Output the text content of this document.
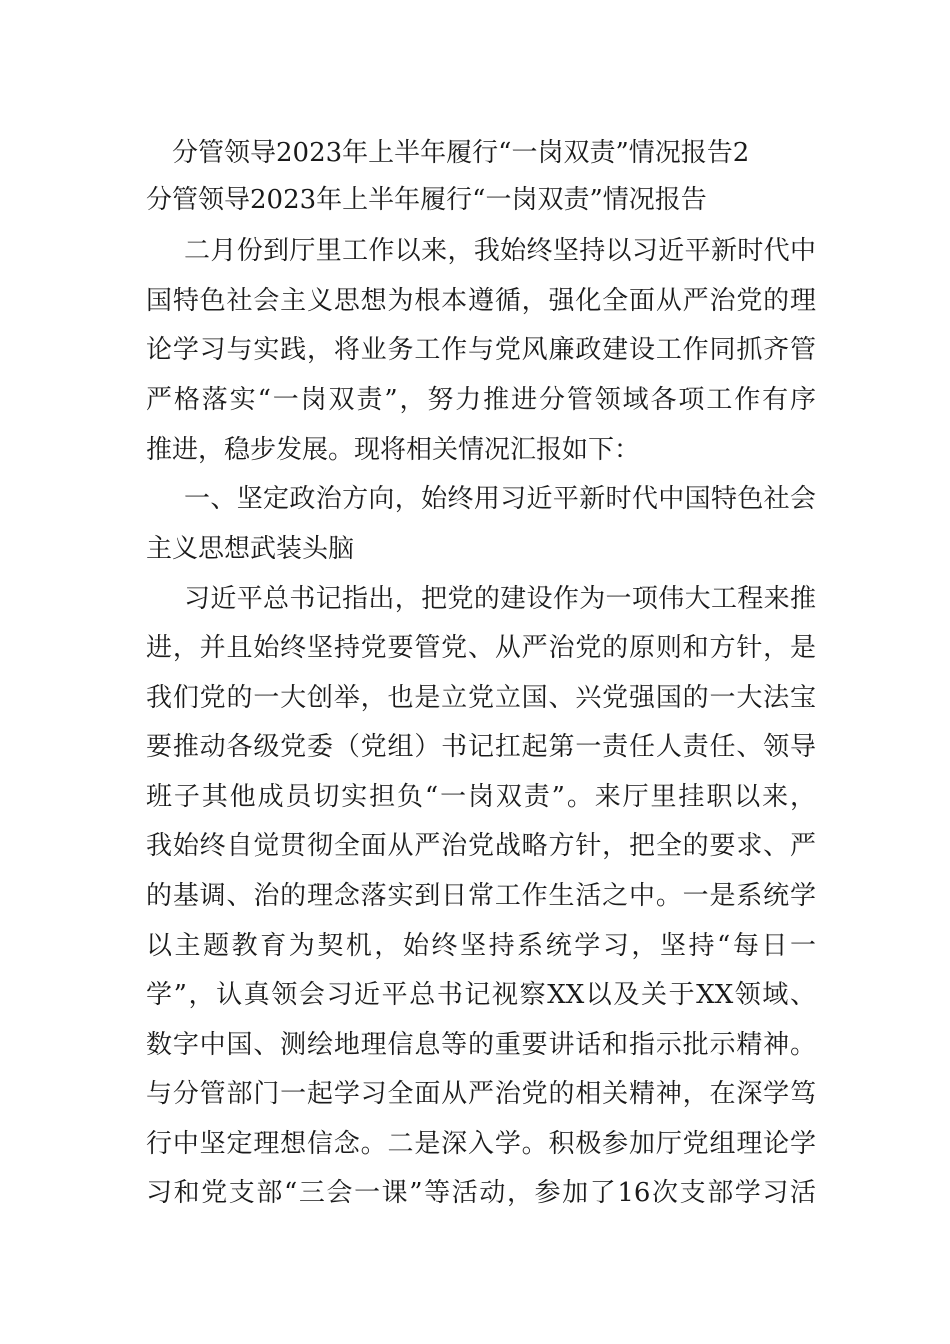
分管领导2023年上半年履行“一岗双责”情况报告2
分管领导2023年上半年履行“一岗双责”情况报告
二月份到厅里工作以来，我始终坚持以习近平新时代中
国特色社会主义思想为根本遵循，强化全面从严治党的理
论学习与实践，将业务工作与党风廉政建设工作同抓齐管
严格落实“一岗双责”，努力推进分管领域各项工作有序
推进，稳步发展。现将相关情况汇报如下：
一、坚定政治方向，始终用习近平新时代中国特色社会
主义思想武装头脑
习近平总书记指出，把党的建设作为一项伟大工程来推
进，并且始终坚持党要管党、从严治党的原则和方针，是
我们党的一大创举，也是立党立国、兴党强国的一大法宝
要推动各级党委（党组）书记扛起第一责任人责任、领导
班子其他成员切实担负“一岗双责”。来厅里挂职以来，
我始终自觉贯彻全面从严治党战略方针，把全的要求、严
的基调、治的理念落实到日常工作生活之中。一是系统学
以主题教育为契机，始终坚持系统学习，坚持“每日一
学”，认真领会习近平总书记视察XX以及关于XX领域、
数字中国、测绘地理信息等的重要讲话和指示批示精神。
与分管部门一起学习全面从严治党的相关精神，在深学笃
行中坚定理想信念。二是深入学。积极参加厅党组理论学
习和党支部“三会一课”等活动，参加了16次支部学习活
